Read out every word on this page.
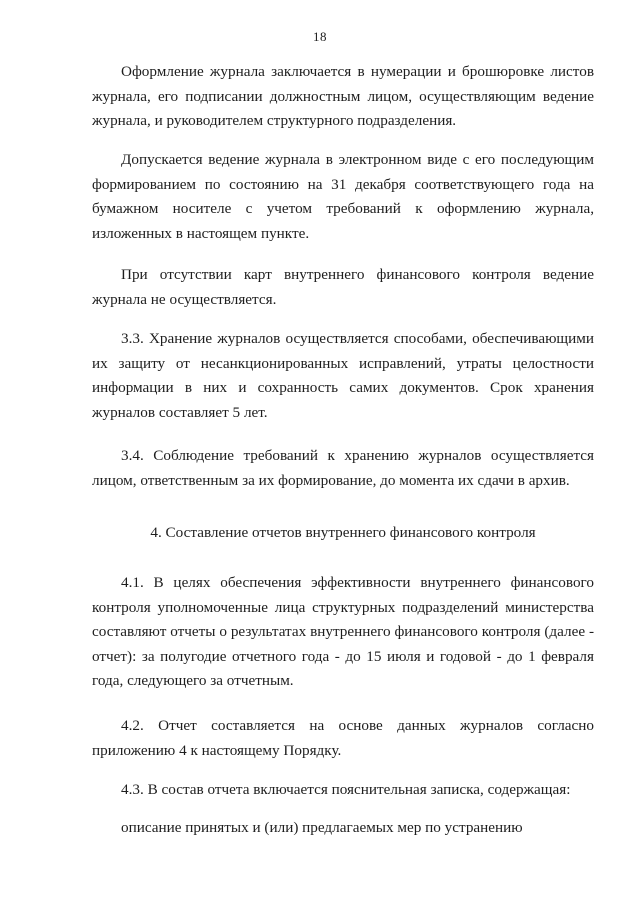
18

Оформление журнала заключается в нумерации и брошюровке листов журнала, его подписании должностным лицом, осуществляющим ведение журнала, и руководителем структурного подразделения.

Допускается ведение журнала в электронном виде с его последующим формированием по состоянию на 31 декабря соответствующего года на бумажном носителе с учетом требований к оформлению журнала, изложенных в настоящем пункте.

При отсутствии карт внутреннего финансового контроля ведение журнала не осуществляется.

3.3. Хранение журналов осуществляется способами, обеспечивающими их защиту от несанкционированных исправлений, утраты целостности информации в них и сохранность самих документов. Срок хранения журналов составляет 5 лет.

3.4. Соблюдение требований к хранению журналов осуществляется лицом, ответственным за их формирование, до момента их сдачи в архив.

4. Составление отчетов внутреннего финансового контроля

4.1. В целях обеспечения эффективности внутреннего финансового контроля уполномоченные лица структурных подразделений министерства составляют отчеты о результатах внутреннего финансового контроля (далее - отчет): за полугодие отчетного года - до 15 июля и годовой - до 1 февраля года, следующего за отчетным.

4.2. Отчет составляется на основе данных журналов согласно приложению 4 к настоящему Порядку.

4.3. В состав отчета включается пояснительная записка, содержащая:

описание принятых и (или) предлагаемых мер по устранению
